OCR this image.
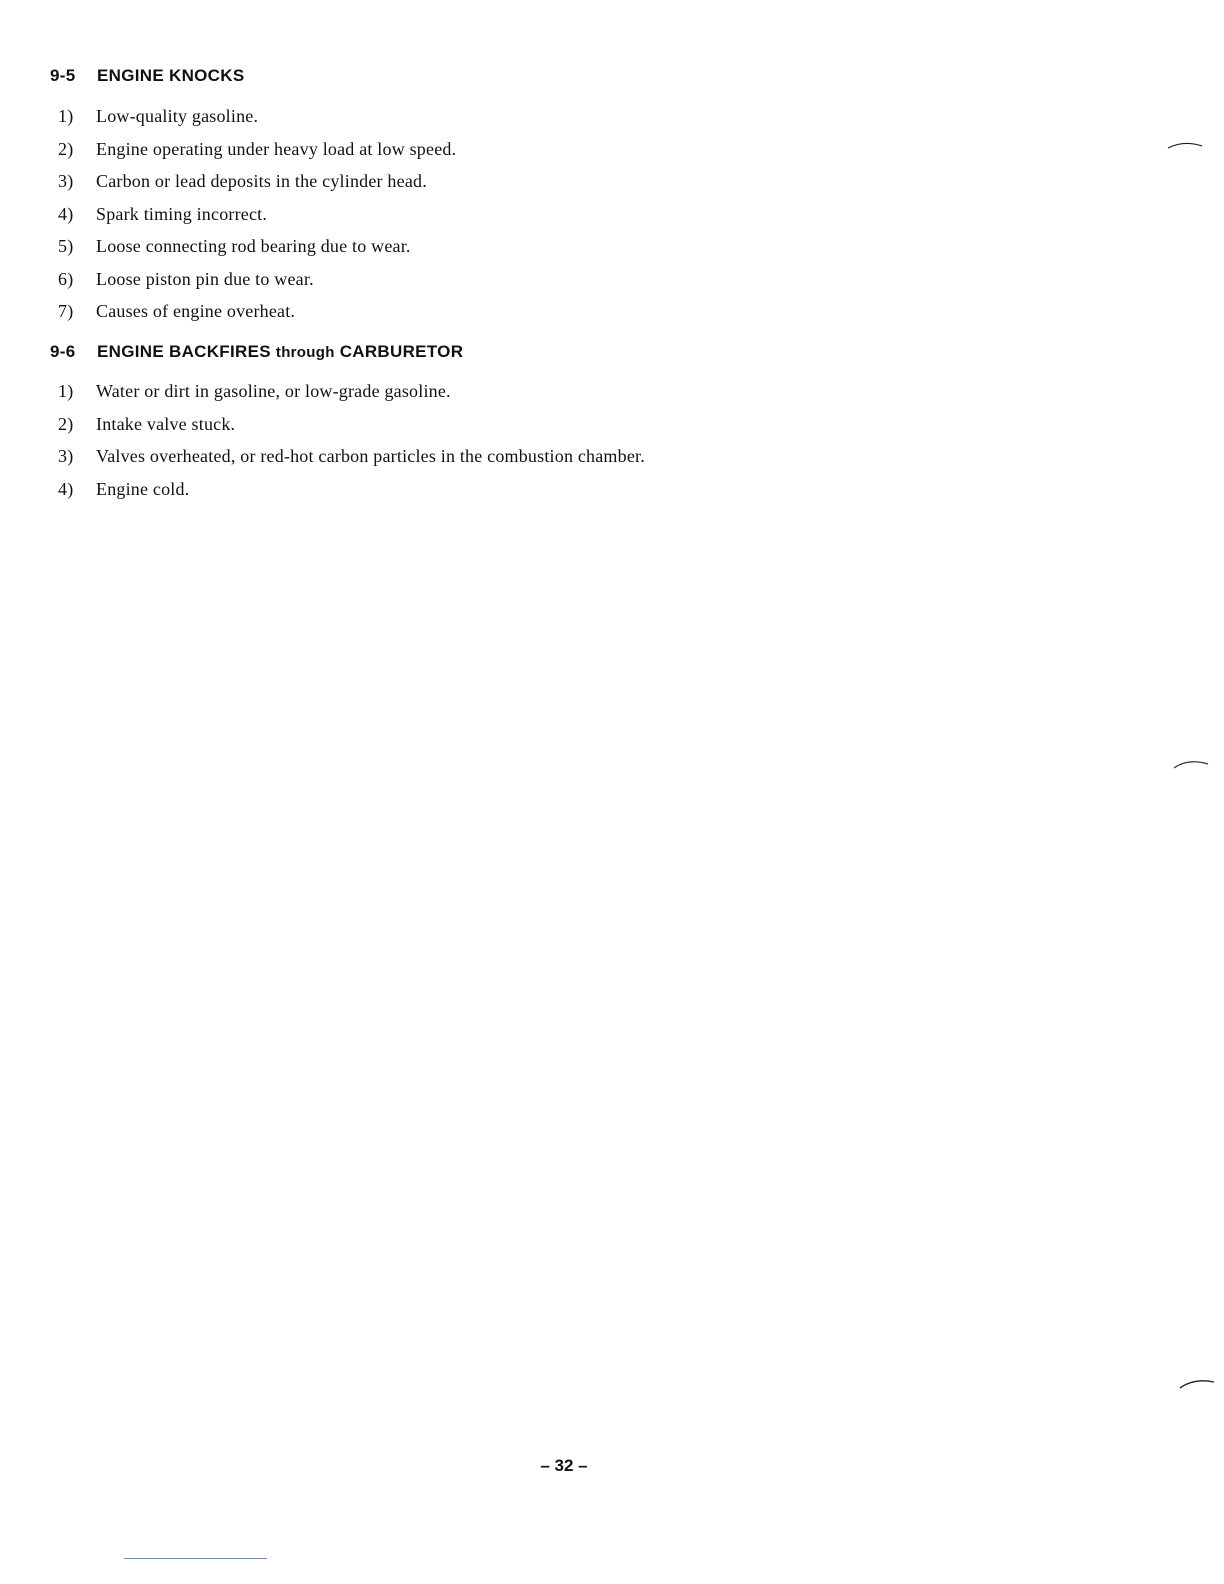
9-5 ENGINE KNOCKS
1) Low-quality gasoline.
2) Engine operating under heavy load at low speed.
3) Carbon or lead deposits in the cylinder head.
4) Spark timing incorrect.
5) Loose connecting rod bearing due to wear.
6) Loose piston pin due to wear.
7) Causes of engine overheat.
9-6 ENGINE BACKFIRES through CARBURETOR
1) Water or dirt in gasoline, or low-grade gasoline.
2) Intake valve stuck.
3) Valves overheated, or red-hot carbon particles in the combustion chamber.
4) Engine cold.
– 32 –
